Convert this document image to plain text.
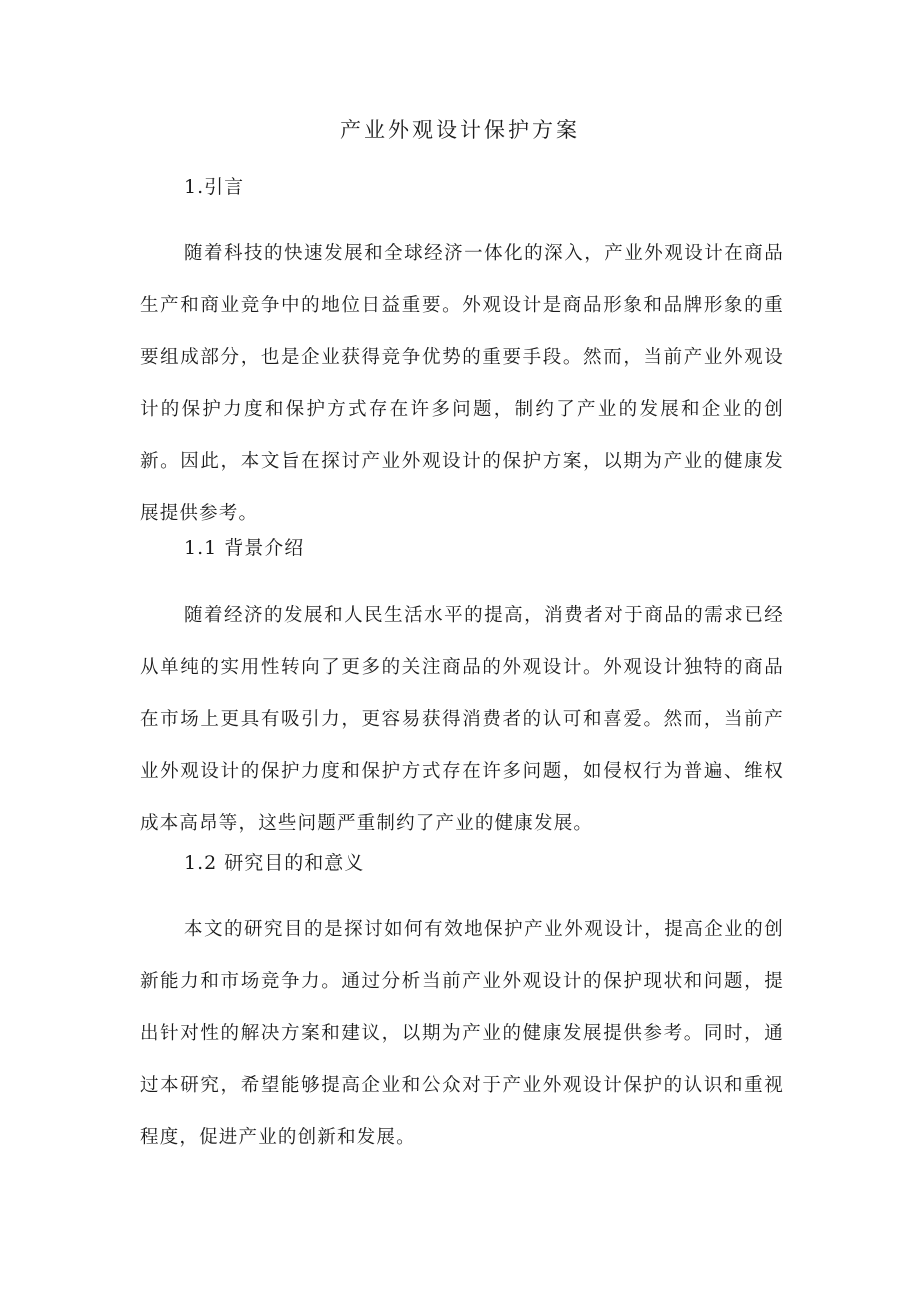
产业外观设计保护方案
1.引言

随着科技的快速发展和全球经济一体化的深入，产业外观设计在商品生产和商业竞争中的地位日益重要。外观设计是商品形象和品牌形象的重要组成部分，也是企业获得竞争优势的重要手段。然而，当前产业外观设计的保护力度和保护方式存在许多问题，制约了产业的发展和企业的创新。因此，本文旨在探讨产业外观设计的保护方案，以期为产业的健康发展提供参考。

1.1 背景介绍

随着经济的发展和人民生活水平的提高，消费者对于商品的需求已经从单纯的实用性转向了更多的关注商品的外观设计。外观设计独特的商品在市场上更具有吸引力，更容易获得消费者的认可和喜爱。然而，当前产业外观设计的保护力度和保护方式存在许多问题，如侵权行为普遍、维权成本高昂等，这些问题严重制约了产业的健康发展。

1.2 研究目的和意义

本文的研究目的是探讨如何有效地保护产业外观设计，提高企业的创新能力和市场竞争力。通过分析当前产业外观设计的保护现状和问题，提出针对性的解决方案和建议，以期为产业的健康发展提供参考。同时，通过本研究，希望能够提高企业和公众对于产业外观设计保护的认识和重视程度，促进产业的创新和发展。
